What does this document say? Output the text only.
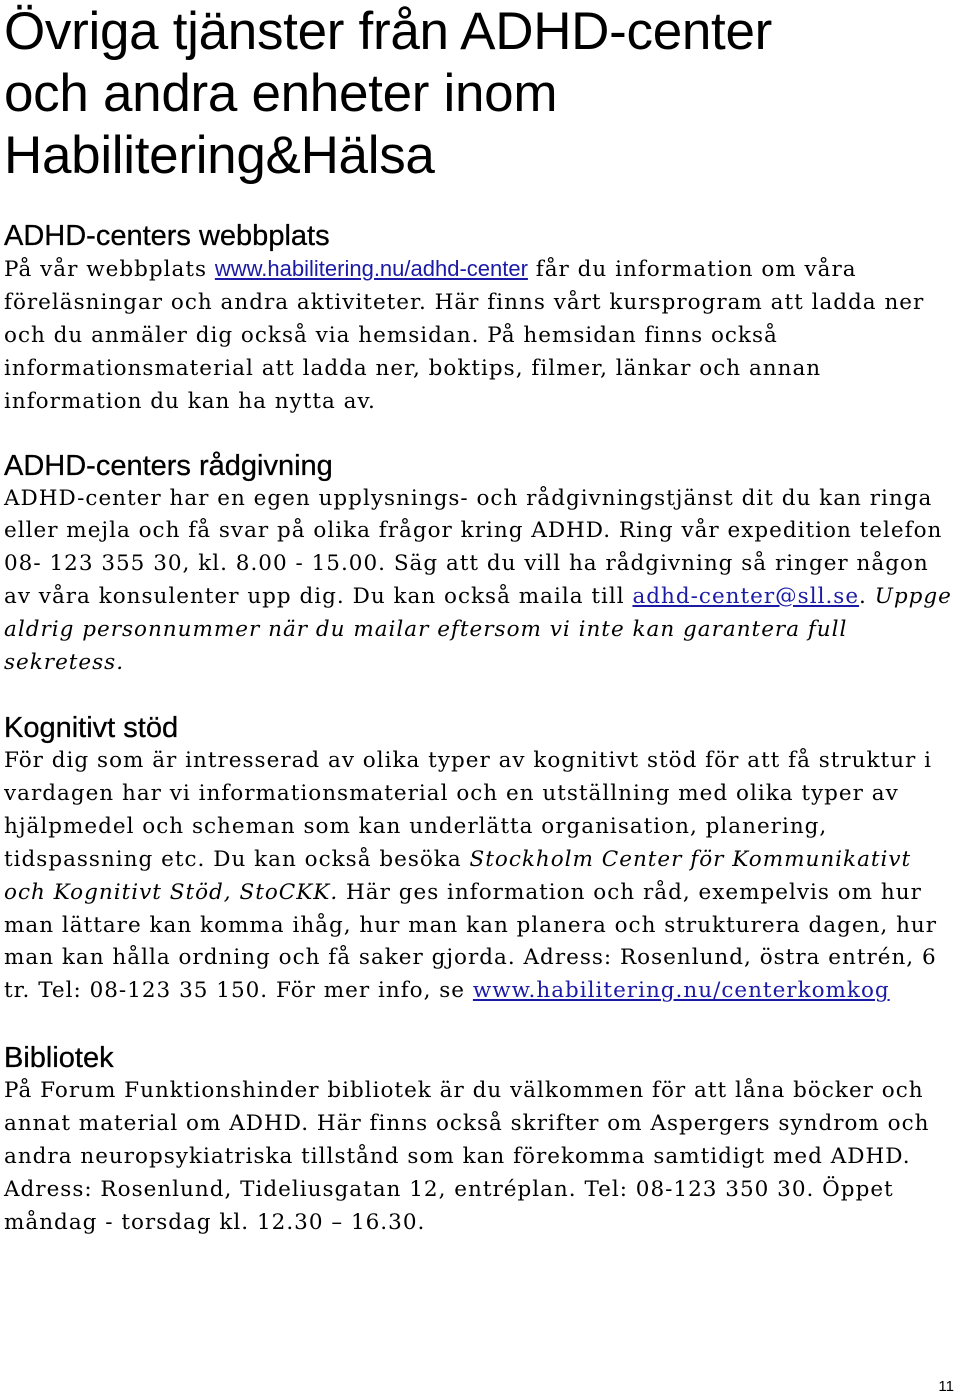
Övriga tjänster från ADHD-center
och andra enheter inom
Habilitering&Hälsa
ADHD-centers webbplats

På vår webbplats www.habilitering.nu/adhd-center får du information om våra föreläsningar och andra aktiviteter. Här finns vårt kursprogram att ladda ner och du anmäler dig också via hemsidan. På hemsidan finns också informationsmaterial att ladda ner, boktips, filmer, länkar och annan information du kan ha nytta av.

ADHD-centers rådgivning

ADHD-center har en egen upplysnings- och rådgivningstjänst dit du kan ringa eller mejla och få svar på olika frågor kring ADHD. Ring vår expedition telefon 08- 123 355 30, kl. 8.00 - 15.00. Säg att du vill ha rådgivning så ringer någon av våra konsulenter upp dig. Du kan också maila till adhd-center@sll.se. Uppge aldrig personnummer när du mailar eftersom vi inte kan garantera full sekretess.

Kognitivt stöd

För dig som är intresserad av olika typer av kognitivt stöd för att få struktur i vardagen har vi informationsmaterial och en utställning med olika typer av hjälpmedel och scheman som kan underlätta organisation, planering, tidspassning etc. Du kan också besöka Stockholm Center för Kommunikativt och Kognitivt Stöd, StoCKK. Här ges information och råd, exempelvis om hur man lättare kan komma ihåg, hur man kan planera och strukturera dagen, hur man kan hålla ordning och få saker gjorda. Adress: Rosenlund, östra entrén, 6 tr. Tel: 08-123 35 150. För mer info, se www.habilitering.nu/centerkomkog

Bibliotek

På Forum Funktionshinder bibliotek är du välkommen för att låna böcker och annat material om ADHD. Här finns också skrifter om Aspergers syndrom och andra neuropsykiatriska tillstånd som kan förekomma samtidigt med ADHD. Adress: Rosenlund, Tideliusgatan 12, entréplan. Tel: 08-123 350 30. Öppet måndag - torsdag kl. 12.30 – 16.30.

11
